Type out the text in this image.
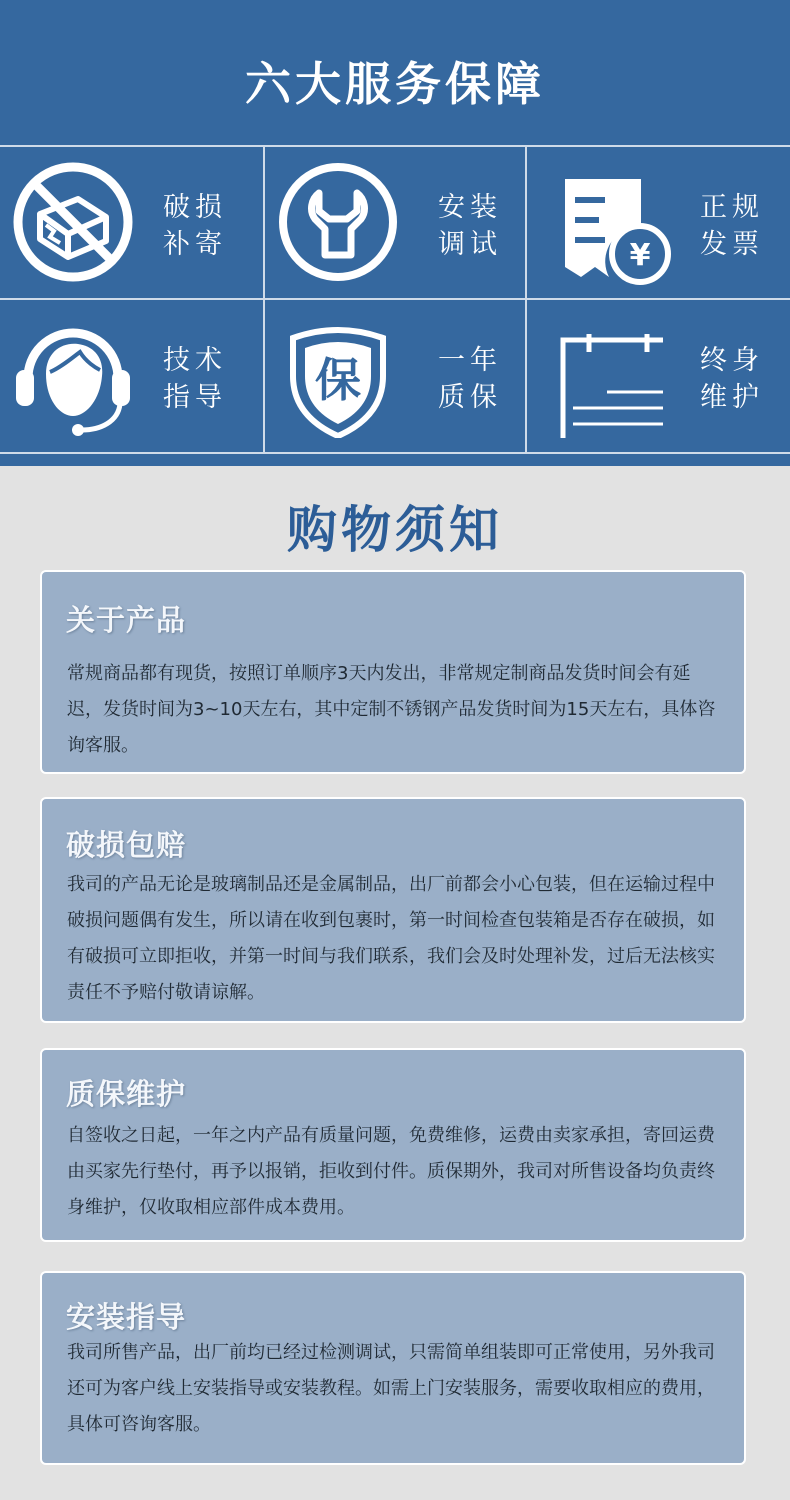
六大服务保障
破损
补寄
安装
调试	¥
正规
发票
技术
指导 保	一年
质保
终身
维护
购物须知
关于产品

常规商品都有现货，按照订单顺序3天内发出，非常规定制商品发货时间会有延迟，发货时间为3~10天左右，其中定制不锈钢产品发货时间为15天左右，具体咨询客服。

破损包赔

我司的产品无论是玻璃制品还是金属制品，出厂前都会小心包装，但在运输过程中破损问题偶有发生，所以请在收到包裹时，第一时间检查包装箱是否存在破损，如有破损可立即拒收，并第一时间与我们联系，我们会及时处理补发，过后无法核实责任不予赔付敬请谅解。

质保维护

自签收之日起，一年之内产品有质量问题，免费维修，运费由卖家承担，寄回运费由买家先行垫付，再予以报销，拒收到付件。质保期外，我司对所售设备均负责终身维护，仅收取相应部件成本费用。

安装指导

我司所售产品，出厂前均已经过检测调试，只需简单组装即可正常使用，另外我司还可为客户线上安装指导或安装教程。如需上门安装服务，需要收取相应的费用，具体可咨询客服。
